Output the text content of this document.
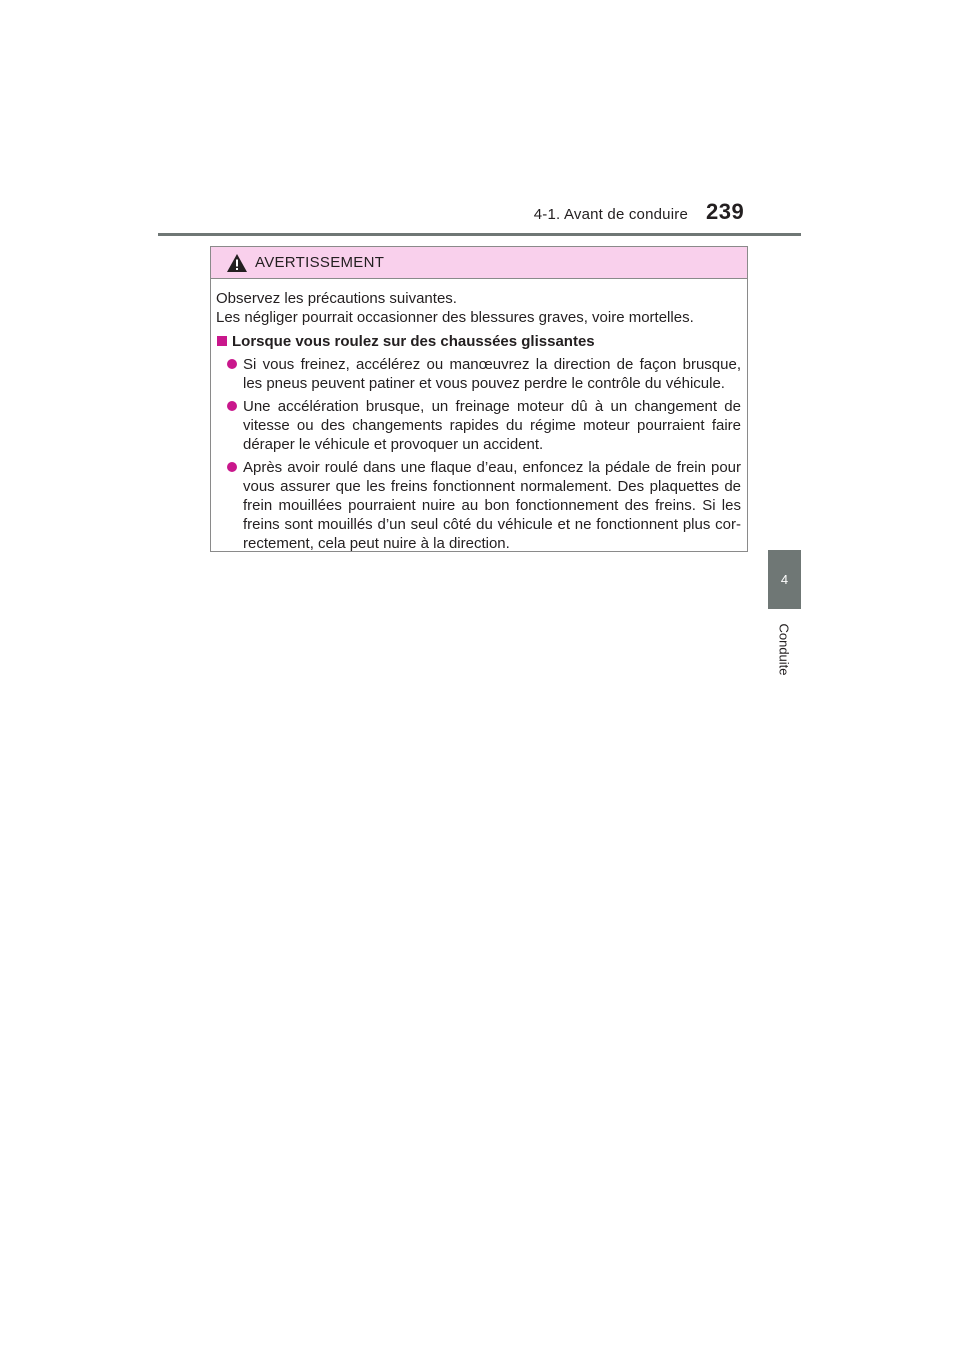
4-1. Avant de conduire 239
4
Conduite
AVERTISSEMENT

Observez les précautions suivantes.

Les négliger pourrait occasionner des blessures graves, voire mortelles.

Lorsque vous roulez sur des chaussées glissantes
Si vous freinez, accélérez ou manœuvrez la direction de façon brusque, les pneus peuvent patiner et vous pouvez perdre le contrôle du véhicule.
Une accélération brusque, un freinage moteur dû à un changement de vitesse ou des changements rapides du régime moteur pourraient faire déraper le véhicule et provoquer un accident.
Après avoir roulé dans une flaque d’eau, enfoncez la pédale de frein pour vous assurer que les freins fonctionnent normalement. Des plaquettes de frein mouillées pourraient nuire au bon fonctionnement des freins. Si les freins sont mouillés d’un seul côté du véhicule et ne fonctionnent plus cor-rectement, cela peut nuire à la direction.
